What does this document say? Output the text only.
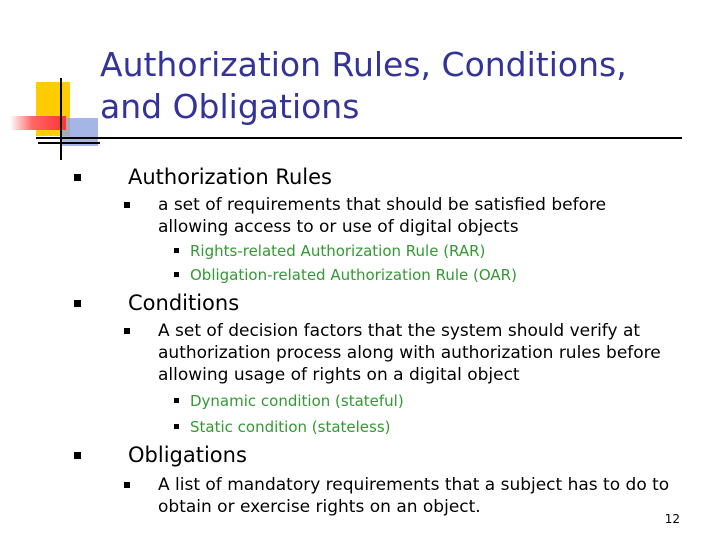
Authorization Rules, Conditions,
and Obligations
Authorization Rules
a set of requirements that should be satisfied before
allowing access to or use of digital objects
Rights-related Authorization Rule (RAR)
Obligation-related Authorization Rule (OAR)
Conditions
A set of decision factors that the system should verify at
authorization process along with authorization rules before
allowing usage of rights on a digital object
Dynamic condition (stateful)
Static condition (stateless)
Obligations
A list of mandatory requirements that a subject has to do to
obtain or exercise rights on an object.
12
